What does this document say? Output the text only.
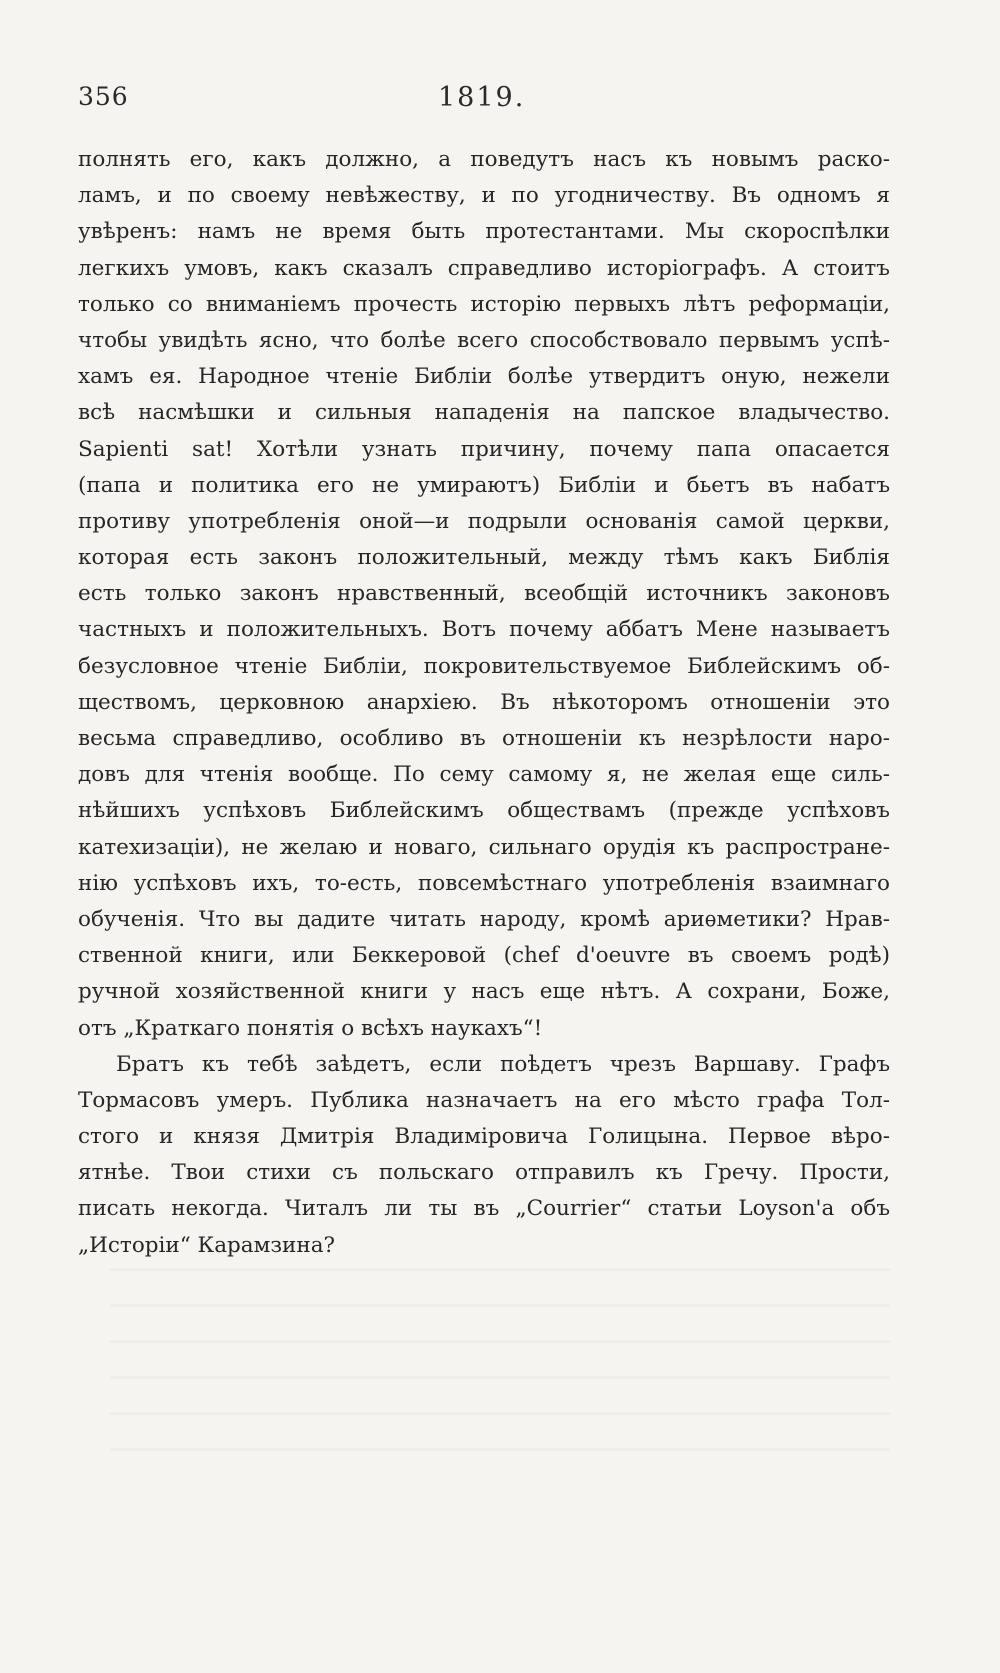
356	1819.
полнять его, какъ должно, а поведутъ насъ къ новымъ раско-
ламъ, и по своему невѣжеству, и по угодничеству. Въ одномъ я
увѣренъ: намъ не время быть протестантами. Мы скороспѣлки
легкихъ умовъ, какъ сказалъ справедливо исторіографъ. А стоитъ
только со вниманіемъ прочесть исторію первыхъ лѣтъ реформаціи,
чтобы увидѣть ясно, что болѣе всего способствовало первымъ успѣ-
хамъ ея. Народное чтеніе Библіи болѣе утвердитъ оную, нежели
всѣ насмѣшки и сильныя нападенія на папское владычество.
Sapienti sat! Хотѣли узнать причину, почему папа опасается
(папа и политика его не умираютъ) Библіи и бьетъ въ набатъ
противу употребленія оной—и подрыли основанія самой церкви,
которая есть законъ положительный, между тѣмъ какъ Библія
есть только законъ нравственный, всеобщій источникъ законовъ
частныхъ и положительныхъ. Вотъ почему аббатъ Мене называетъ
безусловное чтеніе Библіи, покровительствуемое Библейскимъ об-
ществомъ, церковною анархіею. Въ нѣкоторомъ отношеніи это
весьма справедливо, особливо въ отношеніи къ незрѣлости наро-
довъ для чтенія вообще. По сему самому я, не желая еще силь-
нѣйшихъ успѣховъ Библейскимъ обществамъ (прежде успѣховъ
катехизаціи), не желаю и новаго, сильнаго орудія къ распростране-
нію успѣховъ ихъ, то-есть, повсемѣстнаго употребленія взаимнаго
обученія. Что вы дадите читать народу, кромѣ ариѳметики? Нрав-
ственной книги, или Беккеровой (chef d'oeuvre въ своемъ родѣ)
ручной хозяйственной книги у насъ еще нѣтъ. А сохрани, Боже,
отъ „Краткаго понятія о всѣхъ наукахъ“!
Братъ къ тебѣ заѣдетъ, если поѣдетъ чрезъ Варшаву. Графъ
Тормасовъ умеръ. Публика назначаетъ на его мѣсто графа Тол-
стого и князя Дмитрія Владиміровича Голицына. Первое вѣро-
ятнѣе. Твои стихи съ польскаго отправилъ къ Гречу. Прости,
писать некогда. Читалъ ли ты въ „Courrier“ статьи Loyson'а объ
„Исторіи“ Карамзина?
